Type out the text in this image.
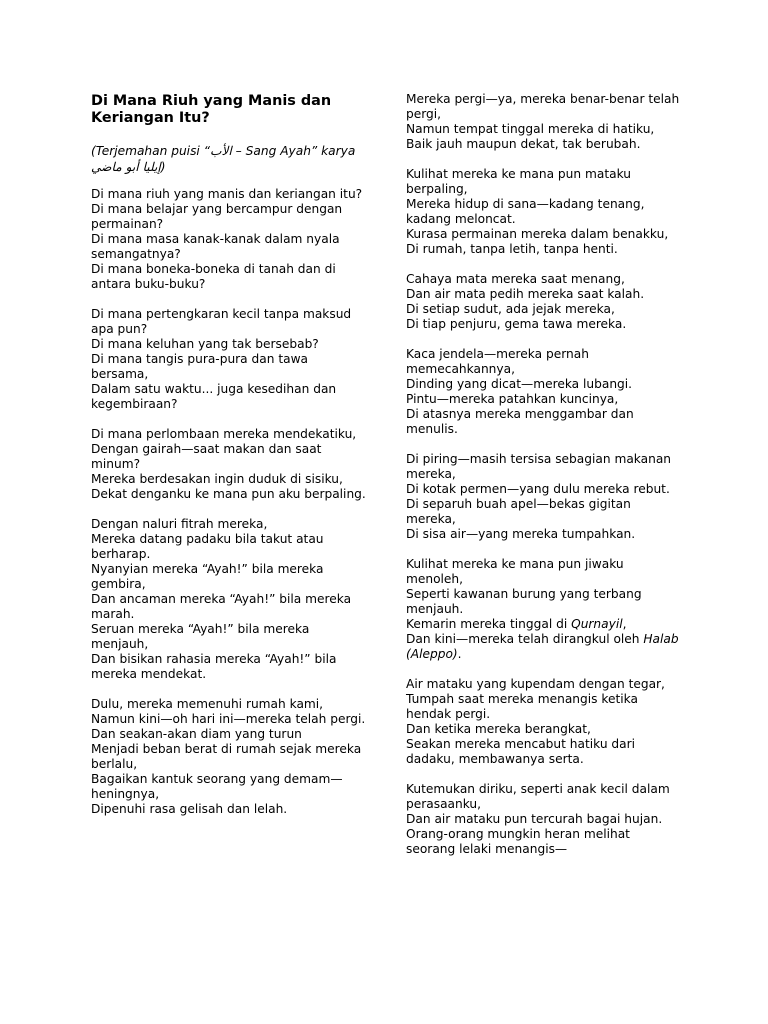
Di Mana Riuh yang Manis dan Keriangan Itu?
(Terjemahan puisi “الأب – Sang Ayah” karya إيليا أبو ماضي)
Di mana riuh yang manis dan keriangan itu?
Di mana belajar yang bercampur dengan permainan?
Di mana masa kanak-kanak dalam nyala semangatnya?
Di mana boneka-boneka di tanah dan di antara buku-buku?
Di mana pertengkaran kecil tanpa maksud apa pun?
Di mana keluhan yang tak bersebab?
Di mana tangis pura-pura dan tawa bersama,
Dalam satu waktu... juga kesedihan dan kegembiraan?
Di mana perlombaan mereka mendekatiku,
Dengan gairah—saat makan dan saat minum?
Mereka berdesakan ingin duduk di sisiku,
Dekat denganku ke mana pun aku berpaling.
Dengan naluri fitrah mereka,
Mereka datang padaku bila takut atau berharap.
Nyanyian mereka “Ayah!” bila mereka gembira,
Dan ancaman mereka “Ayah!” bila mereka marah.
Seruan mereka “Ayah!” bila mereka menjauh,
Dan bisikan rahasia mereka “Ayah!” bila mereka mendekat.
Dulu, mereka memenuhi rumah kami,
Namun kini—oh hari ini—mereka telah pergi.
Dan seakan-akan diam yang turun
Menjadi beban berat di rumah sejak mereka berlalu,
Bagaikan kantuk seorang yang demam—heningnya,
Dipenuhi rasa gelisah dan lelah.
Mereka pergi—ya, mereka benar-benar telah pergi,
Namun tempat tinggal mereka di hatiku,
Baik jauh maupun dekat, tak berubah.
Kulihat mereka ke mana pun mataku berpaling,
Mereka hidup di sana—kadang tenang, kadang meloncat.
Kurasa permainan mereka dalam benakku,
Di rumah, tanpa letih, tanpa henti.
Cahaya mata mereka saat menang,
Dan air mata pedih mereka saat kalah.
Di setiap sudut, ada jejak mereka,
Di tiap penjuru, gema tawa mereka.
Kaca jendela—mereka pernah memecahkannya,
Dinding yang dicat—mereka lubangi.
Pintu—mereka patahkan kuncinya,
Di atasnya mereka menggambar dan menulis.
Di piring—masih tersisa sebagian makanan mereka,
Di kotak permen—yang dulu mereka rebut.
Di separuh buah apel—bekas gigitan mereka,
Di sisa air—yang mereka tumpahkan.
Kulihat mereka ke mana pun jiwaku menoleh,
Seperti kawanan burung yang terbang menjauh.
Kemarin mereka tinggal di Qurnayil,
Dan kini—mereka telah dirangkul oleh Halab (Aleppo).
Air mataku yang kupendam dengan tegar,
Tumpah saat mereka menangis ketika hendak pergi.
Dan ketika mereka berangkat,
Seakan mereka mencabut hatiku dari dadaku, membawanya serta.
Kutemukan diriku, seperti anak kecil dalam perasaanku,
Dan air mataku pun tercurah bagai hujan.
Orang-orang mungkin heran melihat seorang lelaki menangis—
